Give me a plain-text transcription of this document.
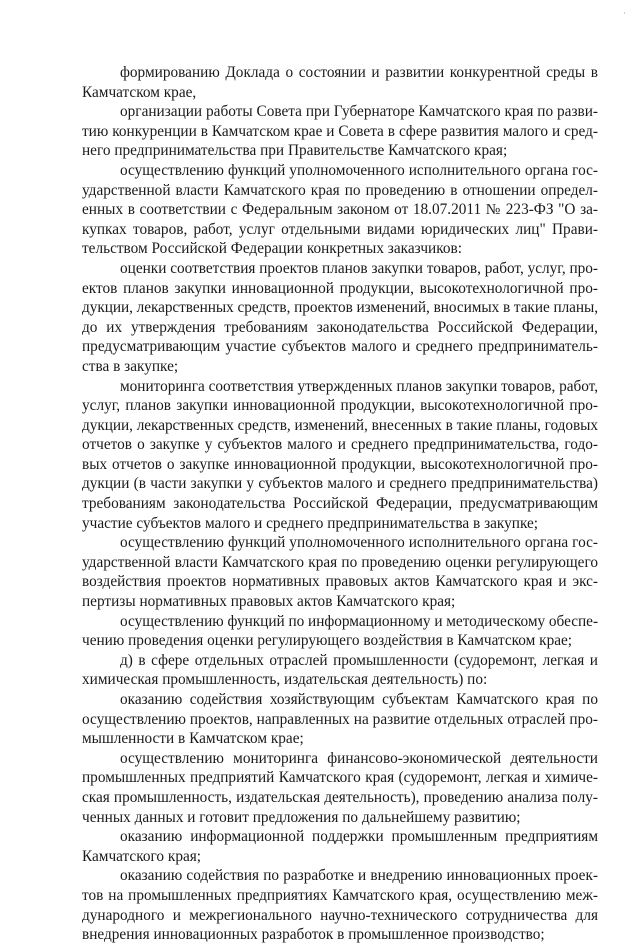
·
формированию Доклада о состоянии и развитии конкурентной среды в
Камчатском крае,
организации работы Совета при Губернаторе Камчатского края по разви-
тию конкуренции в Камчатском крае и Совета в сфере развития малого и сред-
него предпринимательства при Правительстве Камчатского края;
осуществлению функций уполномоченного исполнительного органа гос-
ударственной власти Камчатского края по проведению в отношении определ-
енных в соответствии с Федеральным законом от 18.07.2011 № 223-ФЗ "О за-
купках товаров, работ, услуг отдельными видами юридических лиц" Прави-
тельством Российской Федерации конкретных заказчиков:
оценки соответствия проектов планов закупки товаров, работ, услуг, про-
ектов планов закупки инновационной продукции, высокотехнологичной про-
дукции, лекарственных средств, проектов изменений, вносимых в такие планы,
до их утверждения требованиям законодательства Российской Федерации,
предусматривающим участие субъектов малого и среднего предприниматель-
ства в закупке;
мониторинга соответствия утвержденных планов закупки товаров, работ,
услуг, планов закупки инновационной продукции, высокотехнологичной про-
дукции, лекарственных средств, изменений, внесенных в такие планы, годовых
отчетов о закупке у субъектов малого и среднего предпринимательства, годо-
вых отчетов о закупке инновационной продукции, высокотехнологичной про-
дукции (в части закупки у субъектов малого и среднего предпринимательства)
требованиям законодательства Российской Федерации, предусматривающим
участие субъектов малого и среднего предпринимательства в закупке;
осуществлению функций уполномоченного исполнительного органа гос-
ударственной власти Камчатского края по проведению оценки регулирующего
воздействия проектов нормативных правовых актов Камчатского края и экс-
пертизы нормативных правовых актов Камчатского края;
осуществлению функций по информационному и методическому обеспе-
чению проведения оценки регулирующего воздействия в Камчатском крае;
д) в сфере отдельных отраслей промышленности (судоремонт, легкая и
химическая промышленность, издательская деятельность) по:
оказанию содействия хозяйствующим субъектам Камчатского края по
осуществлению проектов, направленных на развитие отдельных отраслей про-
мышленности в Камчатском крае;
осуществлению мониторинга финансово-экономической деятельности
промышленных предприятий Камчатского края (судоремонт, легкая и химиче-
ская промышленность, издательская деятельность), проведению анализа полу-
ченных данных и готовит предложения по дальнейшему развитию;
оказанию информационной поддержки промышленным предприятиям
Камчатского края;
оказанию содействия по разработке и внедрению инновационных проек-
тов на промышленных предприятиях Камчатского края, осуществлению меж-
дународного и межрегионального научно-технического сотрудничества для
внедрения инновационных разработок в промышленное производство;
